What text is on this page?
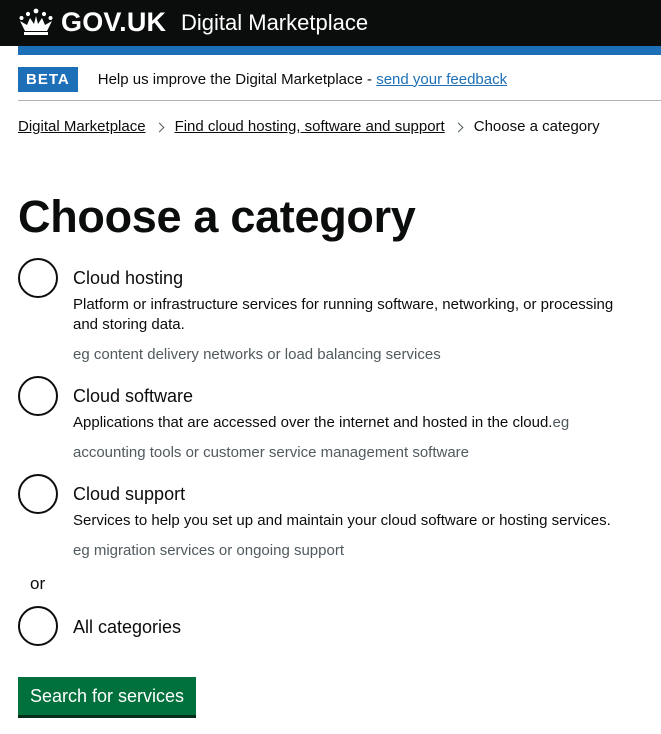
GOV.UK Digital Marketplace
BETA	Help us improve the Digital Marketplace - send your feedback
Digital Marketplace Find cloud hosting, software and support Choose a category
Choose a category
Cloud hosting
Platform or infrastructure services for running software, networking, or processing and storing data.
eg content delivery networks or load balancing services
Cloud software
Applications that are accessed over the internet and hosted in the cloud.eg accounting tools or customer service management software
Cloud support
Services to help you set up and maintain your cloud software or hosting services.
eg migration services or ongoing support
or
All categories
Search for services
